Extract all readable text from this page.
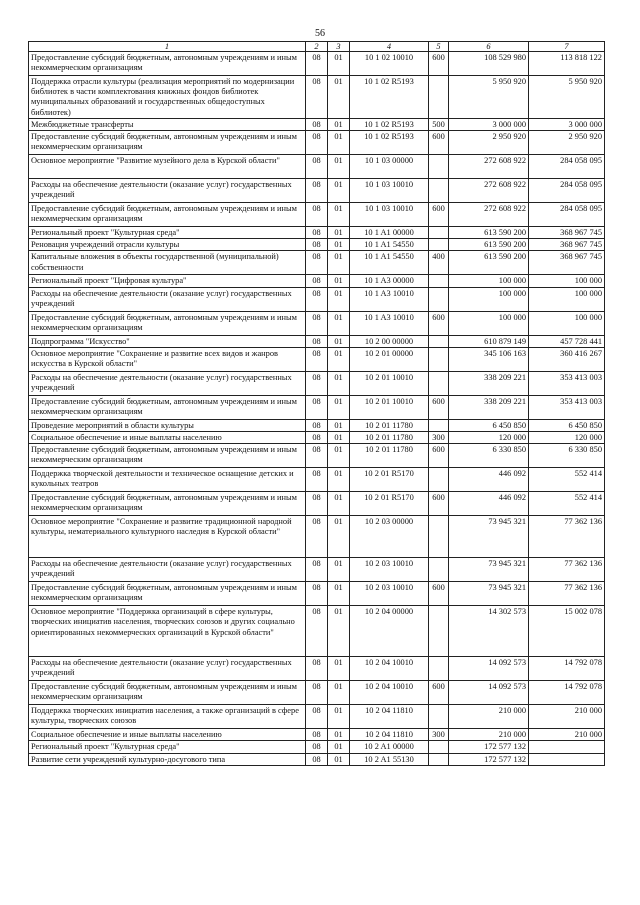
56
1	2	3	4	5	6	7
Предоставление субсидий бюджетным, автономным учреждениям и иным некоммерческим организациям	08	01	10 1 02 10010	600	108 529 980	113 818 122
Поддержка отрасли культуры (реализация мероприятий по модернизации библиотек в части комплектования книжных фондов библиотек муниципальных образований и государственных общедоступных библиотек)	08	01	10 1 02 R5193		5 950 920	5 950 920
Межбюджетные трансферты	08	01	10 1 02 R5193	500	3 000 000	3 000 000
Предоставление субсидий бюджетным, автономным учреждениям и иным некоммерческим организациям	08	01	10 1 02 R5193	600	2 950 920	2 950 920
Основное мероприятие "Развитие музейного дела в Курской области"	08	01	10 1 03 00000		272 608 922	284 058 095
Расходы на обеспечение деятельности (оказание услуг) государственных учреждений	08	01	10 1 03 10010		272 608 922	284 058 095
Предоставление субсидий бюджетным, автономным учреждениям и иным некоммерческим организациям	08	01	10 1 03 10010	600	272 608 922	284 058 095
Региональный проект "Культурная среда"	08	01	10 1 A1 00000		613 590 200	368 967 745
Реновация учреждений отрасли культуры	08	01	10 1 A1 54550		613 590 200	368 967 745
Капитальные вложения в объекты государственной (муниципальной) собственности	08	01	10 1 A1 54550	400	613 590 200	368 967 745
Региональный проект "Цифровая культура"	08	01	10 1 A3 00000		100 000	100 000
Расходы на обеспечение деятельности (оказание услуг) государственных учреждений	08	01	10 1 A3 10010		100 000	100 000
Предоставление субсидий бюджетным, автономным учреждениям и иным некоммерческим организациям	08	01	10 1 A3 10010	600	100 000	100 000
Подпрограмма "Искусство"	08	01	10 2 00 00000		610 879 149	457 728 441
Основное мероприятие "Сохранение и развитие всех видов и жанров искусства в Курской области"	08	01	10 2 01 00000		345 106 163	360 416 267
Расходы на обеспечение деятельности (оказание услуг) государственных учреждений	08	01	10 2 01 10010		338 209 221	353 413 003
Предоставление субсидий бюджетным, автономным учреждениям и иным некоммерческим организациям	08	01	10 2 01 10010	600	338 209 221	353 413 003
Проведение мероприятий в области культуры	08	01	10 2 01 11780		6 450 850	6 450 850
Социальное обеспечение и иные выплаты населению	08	01	10 2 01 11780	300	120 000	120 000
Предоставление субсидий бюджетным, автономным учреждениям и иным некоммерческим организациям	08	01	10 2 01 11780	600	6 330 850	6 330 850
Поддержка творческой деятельности и техническое оснащение детских и кукольных театров	08	01	10 2 01 R5170		446 092	552 414
Предоставление субсидий бюджетным, автономным учреждениям и иным некоммерческим организациям	08	01	10 2 01 R5170	600	446 092	552 414
Основное мероприятие "Сохранение и развитие традиционной народной культуры, нематериального культурного наследия в Курской области"	08	01	10 2 03 00000		73 945 321	77 362 136
Расходы на обеспечение деятельности (оказание услуг) государственных учреждений	08	01	10 2 03 10010		73 945 321	77 362 136
Предоставление субсидий бюджетным, автономным учреждениям и иным некоммерческим организациям	08	01	10 2 03 10010	600	73 945 321	77 362 136
Основное мероприятие "Поддержка организаций в сфере культуры, творческих инициатив населения, творческих союзов и других социально ориентированных некоммерческих организаций в Курской области"	08	01	10 2 04 00000		14 302 573	15 002 078
Расходы на обеспечение деятельности (оказание услуг) государственных учреждений	08	01	10 2 04 10010		14 092 573	14 792 078
Предоставление субсидий бюджетным, автономным учреждениям и иным некоммерческим организациям	08	01	10 2 04 10010	600	14 092 573	14 792 078
Поддержка творческих инициатив населения, а также организаций в сфере культуры, творческих союзов	08	01	10 2 04 11810		210 000	210 000
Социальное обеспечение и иные выплаты населению	08	01	10 2 04 11810	300	210 000	210 000
Региональный проект "Культурная среда"	08	01	10 2 A1 00000		172 577 132	
Развитие сети учреждений культурно-досугового типа	08	01	10 2 A1 55130		172 577 132	
